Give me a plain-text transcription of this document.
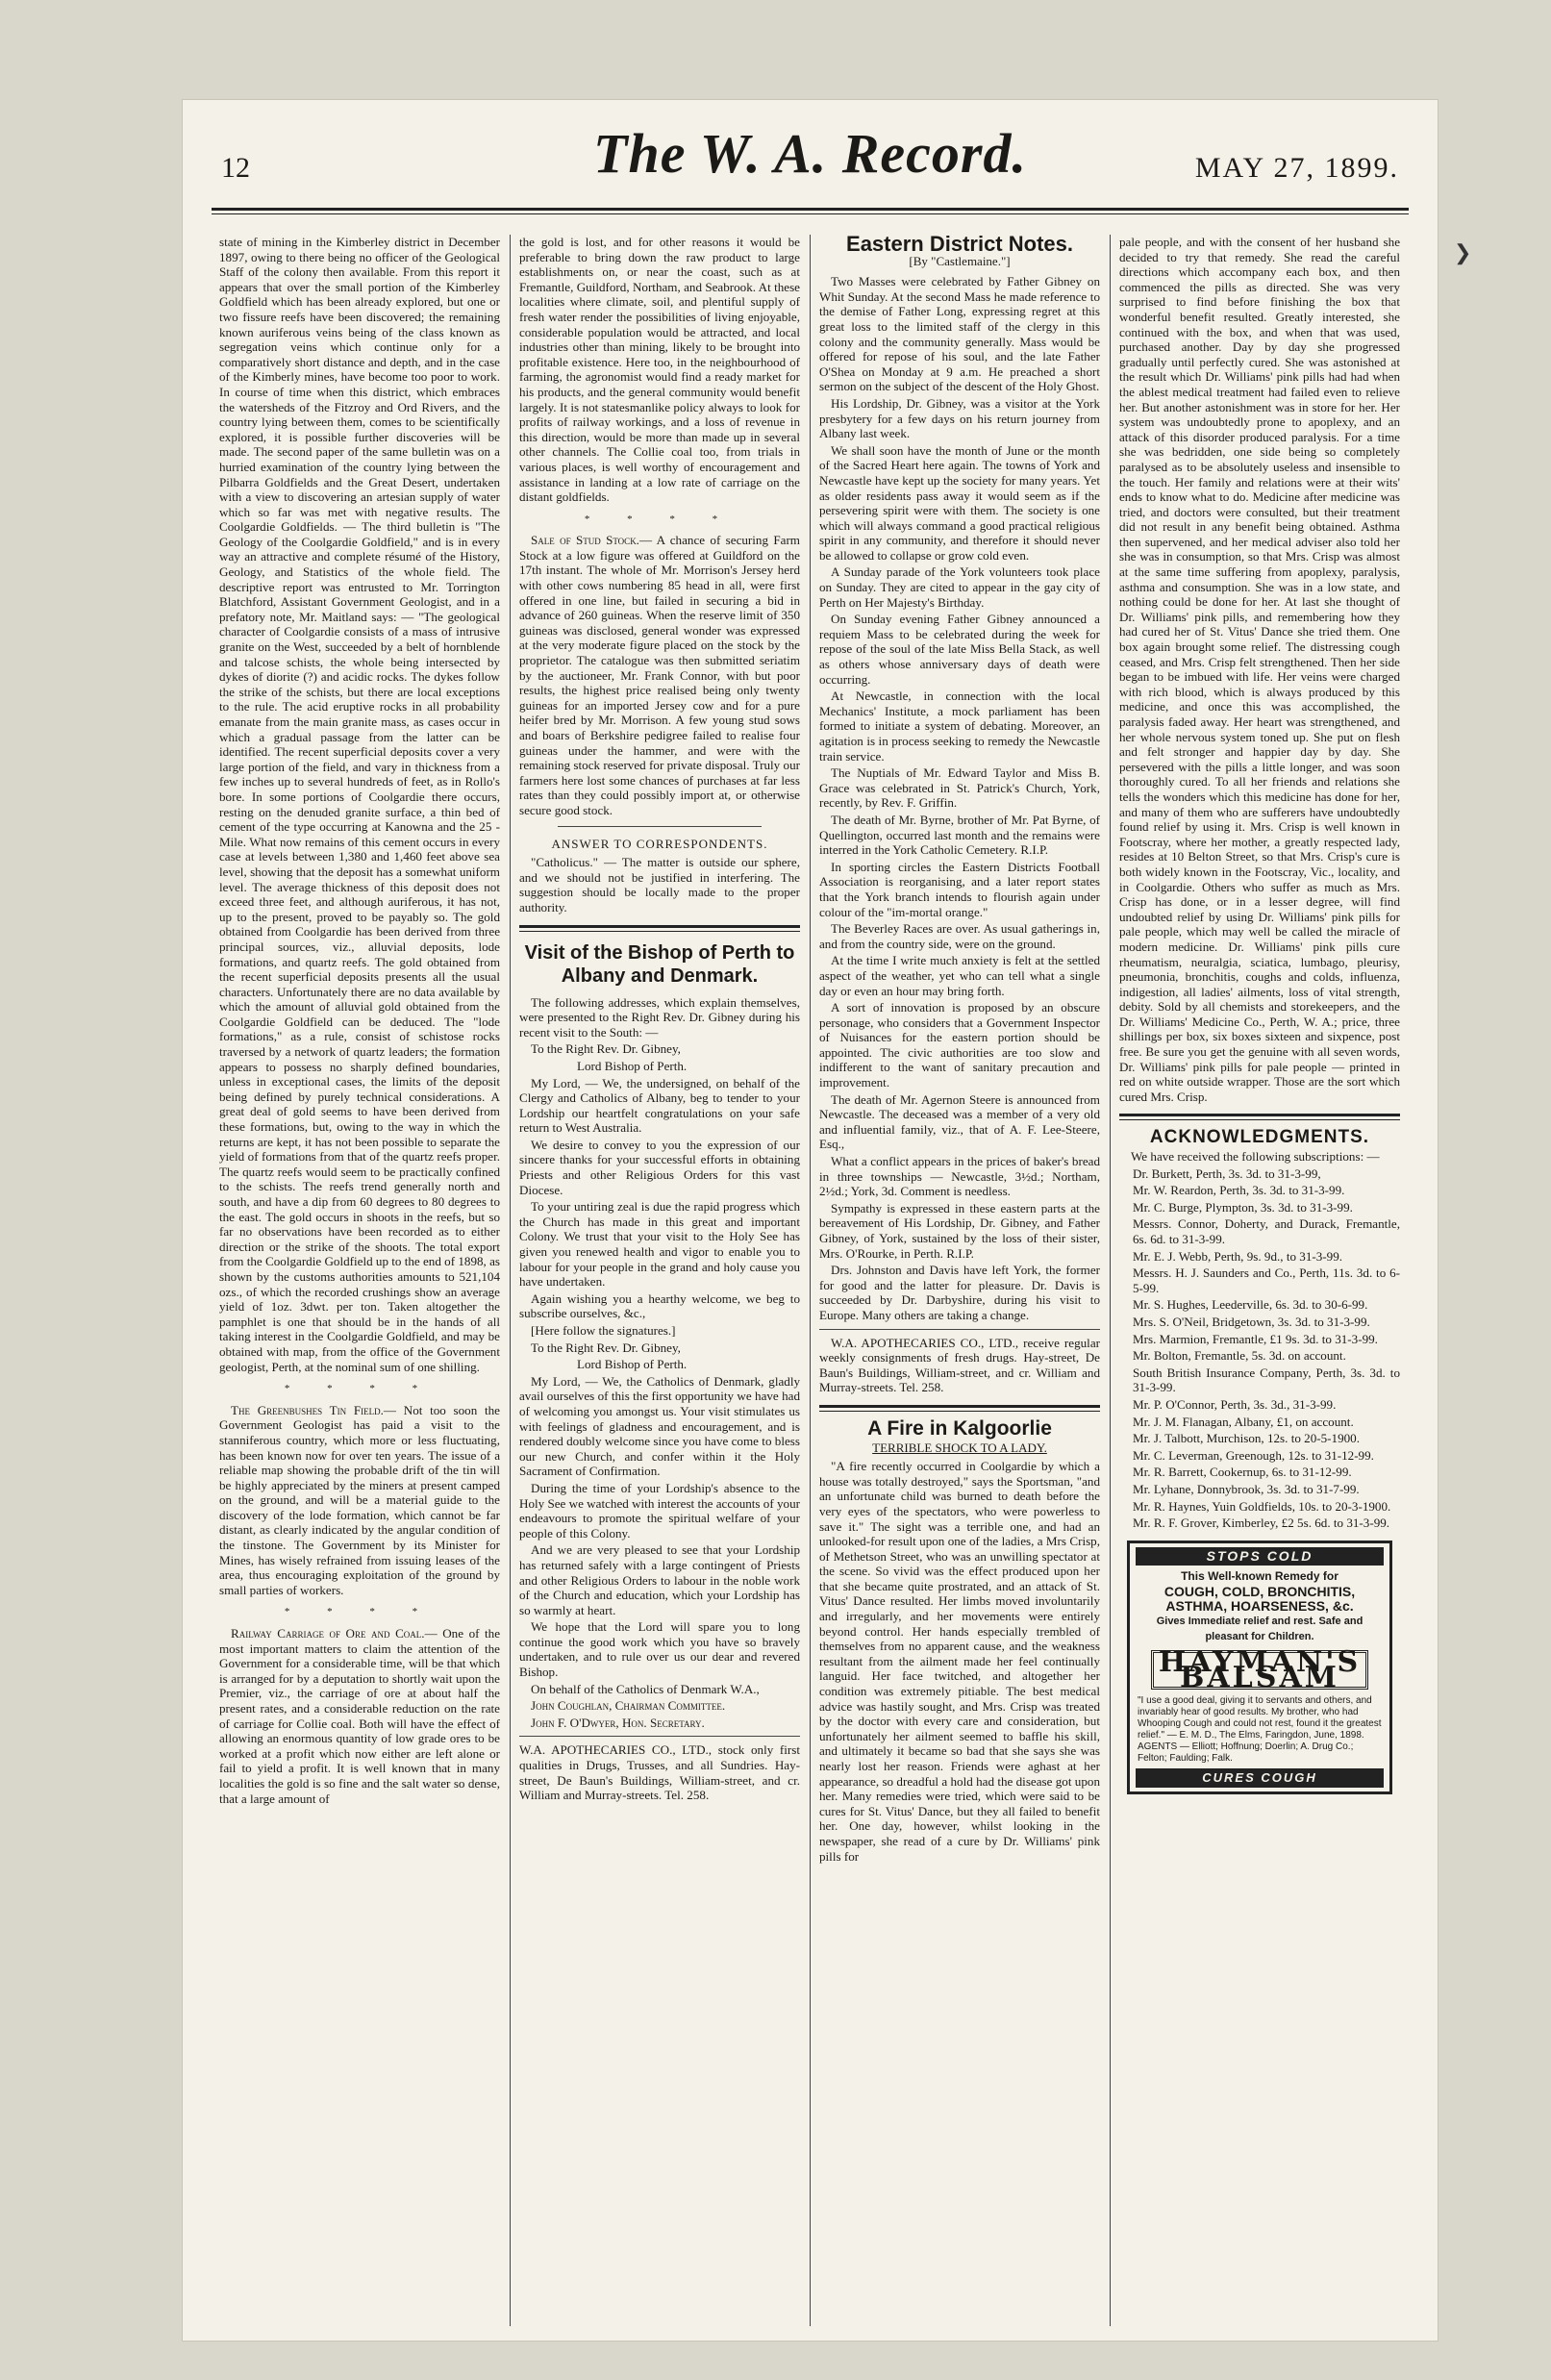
12	The W. A. Record.	MAY 27, 1899.

state of mining in the Kimberley district in December 1897, owing to there being no officer of the Geological Staff of the colony then available. From this report it appears that over the small portion of the Kimberley Goldfield which has been already explored, but one or two fissure reefs have been discovered; the remaining known auriferous veins being of the class known as segregation veins which continue only for a comparatively short distance and depth, and in the case of the Kimberly mines, have become too poor to work. In course of time when this district, which embraces the watersheds of the Fitzroy and Ord Rivers, and the country lying between them, comes to be scientifically explored, it is possible further discoveries will be made. The second paper of the same bulletin was on a hurried examination of the country lying between the Pilbarra Goldfields and the Great Desert, undertaken with a view to discovering an artesian supply of water which so far was met with negative results. The Coolgardie Goldfields. — The third bulletin is "The Geology of the Coolgardie Goldfield," and is in every way an attractive and complete résumé of the History, Geology, and Statistics of the whole field. The descriptive report was entrusted to Mr. Torrington Blatchford, Assistant Government Geologist, and in a prefatory note, Mr. Maitland says: — "The geological character of Coolgardie consists of a mass of intrusive granite on the West, succeeded by a belt of hornblende and talcose schists, the whole being intersected by dykes of diorite (?) and acidic rocks. The dykes follow the strike of the schists, but there are local exceptions to the rule. The acid eruptive rocks in all probability emanate from the main granite mass, as cases occur in which a gradual passage from the latter can be identified. The recent superficial deposits cover a very large portion of the field, and vary in thickness from a few inches up to several hundreds of feet, as in Rollo's bore. In some portions of Coolgardie there occurs, resting on the denuded granite surface, a thin bed of cement of the type occurring at Kanowna and the 25 - Mile. What now remains of this cement occurs in every case at levels between 1,380 and 1,460 feet above sea level, showing that the deposit has a somewhat uniform level. The average thickness of this deposit does not exceed three feet, and although auriferous, it has not, up to the present, proved to be payably so. The gold obtained from Coolgardie has been derived from three principal sources, viz., alluvial deposits, lode formations, and quartz reefs. The gold obtained from the recent superficial deposits presents all the usual characters. Unfortunately there are no data available by which the amount of alluvial gold obtained from the Coolgardie Goldfield can be deduced. The "lode formations," as a rule, consist of schistose rocks traversed by a network of quartz leaders; the formation appears to possess no sharply defined boundaries, unless in exceptional cases, the limits of the deposit being defined by purely technical considerations. A great deal of gold seems to have been derived from these formations, but, owing to the way in which the returns are kept, it has not been possible to separate the yield of formations from that of the quartz reefs proper. The quartz reefs would seem to be practically confined to the schists. The reefs trend generally north and south, and have a dip from 60 degrees to 80 degrees to the east. The gold occurs in shoots in the reefs, but so far no observations have been recorded as to either direction or the strike of the shoots. The total export from the Coolgardie Goldfield up to the end of 1898, as shown by the customs authorities amounts to 521,104 ozs., of which the recorded crushings show an average yield of 1oz. 3dwt. per ton. Taken altogether the pamphlet is one that should be in the hands of all taking interest in the Coolgardie Goldfield, and may be obtained with map, from the office of the Government geologist, Perth, at the nominal sum of one shilling.

* * * *

The Greenbushes Tin Field.— Not too soon the Government Geologist has paid a visit to the stanniferous country, which more or less fluctuating, has been known now for over ten years. The issue of a reliable map showing the probable drift of the tin will be highly appreciated by the miners at present camped on the ground, and will be a material guide to the discovery of the lode formation, which cannot be far distant, as clearly indicated by the angular condition of the tinstone. The Government by its Minister for Mines, has wisely refrained from issuing leases of the area, thus encouraging exploitation of the ground by small parties of workers.

* * * *

Railway Carriage of Ore and Coal.— One of the most important matters to claim the attention of the Government for a considerable time, will be that which is arranged for by a deputation to shortly wait upon the Premier, viz., the carriage of ore at about half the present rates, and a considerable reduction on the rate of carriage for Collie coal. Both will have the effect of allowing an enormous quantity of low grade ores to be worked at a profit which now either are left alone or fail to yield a profit. It is well known that in many localities the gold is so fine and the salt water so dense, that a large amount of

the gold is lost, and for other reasons it would be preferable to bring down the raw product to large establishments on, or near the coast, such as at Fremantle, Guildford, Northam, and Seabrook. At these localities where climate, soil, and plentiful supply of fresh water render the possibilities of living enjoyable, considerable population would be attracted, and local industries other than mining, likely to be brought into profitable existence. Here too, in the neighbourhood of farming, the agronomist would find a ready market for his products, and the general community would benefit largely. It is not statesmanlike policy always to look for profits of railway workings, and a loss of revenue in this direction, would be more than made up in several other channels. The Collie coal too, from trials in various places, is well worthy of encouragement and assistance in landing at a low rate of carriage on the distant goldfields.

* * * *

Sale of Stud Stock.— A chance of securing Farm Stock at a low figure was offered at Guildford on the 17th instant. The whole of Mr. Morrison's Jersey herd with other cows numbering 85 head in all, were first offered in one line, but failed in securing a bid in advance of 260 guineas. When the reserve limit of 350 guineas was disclosed, general wonder was expressed at the very moderate figure placed on the stock by the proprietor. The catalogue was then submitted seriatim by the auctioneer, Mr. Frank Connor, with but poor results, the highest price realised being only twenty guineas for an imported Jersey cow and for a pure heifer bred by Mr. Morrison. A few young stud sows and boars of Berkshire pedigree failed to realise four guineas under the hammer, and were with the remaining stock reserved for private disposal. Truly our farmers here lost some chances of purchases at far less rates than they could possibly import at, or otherwise secure good stock.

ANSWER TO CORRESPONDENTS.

"Catholicus." — The matter is outside our sphere, and we should not be justified in interfering. The suggestion should be locally made to the proper authority.

Visit of the Bishop of Perth to Albany and Denmark.

The following addresses, which explain themselves, were presented to the Right Rev. Dr. Gibney during his recent visit to the South: —

To the Right Rev. Dr. Gibney,

Lord Bishop of Perth.

My Lord, — We, the undersigned, on behalf of the Clergy and Catholics of Albany, beg to tender to your Lordship our heartfelt congratulations on your safe return to West Australia.

We desire to convey to you the expression of our sincere thanks for your successful efforts in obtaining Priests and other Religious Orders for this vast Diocese.

To your untiring zeal is due the rapid progress which the Church has made in this great and important Colony. We trust that your visit to the Holy See has given you renewed health and vigor to enable you to labour for your people in the grand and holy cause you have undertaken.

Again wishing you a hearthy welcome, we beg to subscribe ourselves, &c.,

[Here follow the signatures.]

To the Right Rev. Dr. Gibney,

Lord Bishop of Perth.

My Lord, — We, the Catholics of Denmark, gladly avail ourselves of this the first opportunity we have had of welcoming you amongst us. Your visit stimulates us with feelings of gladness and encouragement, and is rendered doubly welcome since you have come to bless our new Church, and confer within it the Holy Sacrament of Confirmation.

During the time of your Lordship's absence to the Holy See we watched with interest the accounts of your endeavours to promote the spiritual welfare of your people of this Colony.

And we are very pleased to see that your Lordship has returned safely with a large contingent of Priests and other Religious Orders to labour in the noble work of the Church and education, which your Lordship has so warmly at heart.

We hope that the Lord will spare you to long continue the good work which you have so bravely undertaken, and to rule over us our dear and revered Bishop.

On behalf of the Catholics of Denmark W.A.,

John Coughlan, Chairman Committee.

John F. O'Dwyer, Hon. Secretary.

W.A. APOTHECARIES CO., LTD., stock only first qualities in Drugs, Trusses, and all Sundries. Hay-street, De Baun's Buildings, William-street, and cr. William and Murray-streets. Tel. 258.

Eastern District Notes.
[By "Castlemaine."]

Two Masses were celebrated by Father Gibney on Whit Sunday. At the second Mass he made reference to the demise of Father Long, expressing regret at this great loss to the limited staff of the clergy in this colony and the community generally. Mass would be offered for repose of his soul, and the late Father O'Shea on Monday at 9 a.m. He preached a short sermon on the subject of the descent of the Holy Ghost.

His Lordship, Dr. Gibney, was a visitor at the York presbytery for a few days on his return journey from Albany last week.

We shall soon have the month of June or the month of the Sacred Heart here again. The towns of York and Newcastle have kept up the society for many years. Yet as older residents pass away it would seem as if the persevering spirit were with them. The society is one which will always command a good practical religious spirit in any community, and therefore it should never be allowed to collapse or grow cold even.

A Sunday parade of the York volunteers took place on Sunday. They are cited to appear in the gay city of Perth on Her Majesty's Birthday.

On Sunday evening Father Gibney announced a requiem Mass to be celebrated during the week for repose of the soul of the late Miss Bella Stack, as well as others whose anniversary days of death were occurring.

At Newcastle, in connection with the local Mechanics' Institute, a mock parliament has been formed to initiate a system of debating. Moreover, an agitation is in process seeking to remedy the Newcastle train service.

The Nuptials of Mr. Edward Taylor and Miss B. Grace was celebrated in St. Patrick's Church, York, recently, by Rev. F. Griffin.

The death of Mr. Byrne, brother of Mr. Pat Byrne, of Quellington, occurred last month and the remains were interred in the York Catholic Cemetery. R.I.P.

In sporting circles the Eastern Districts Football Association is reorganising, and a later report states that the York branch intends to flourish again under colour of the "im-mortal orange."

The Beverley Races are over. As usual gatherings in, and from the country side, were on the ground.

At the time I write much anxiety is felt at the settled aspect of the weather, yet who can tell what a single day or even an hour may bring forth.

A sort of innovation is proposed by an obscure personage, who considers that a Government Inspector of Nuisances for the eastern portion should be appointed. The civic authorities are too slow and indifferent to the want of sanitary precaution and improvement.

The death of Mr. Agernon Steere is announced from Newcastle. The deceased was a member of a very old and influential family, viz., that of A. F. Lee-Steere, Esq.,

What a conflict appears in the prices of baker's bread in three townships — Newcastle, 3½d.; Northam, 2½d.; York, 3d. Comment is needless.

Sympathy is expressed in these eastern parts at the bereavement of His Lordship, Dr. Gibney, and Father Gibney, of York, sustained by the loss of their sister, Mrs. O'Rourke, in Perth. R.I.P.

Drs. Johnston and Davis have left York, the former for good and the latter for pleasure. Dr. Davis is succeeded by Dr. Darbyshire, during his visit to Europe. Many others are taking a change.

W.A. APOTHECARIES CO., LTD., receive regular weekly consignments of fresh drugs. Hay-street, De Baun's Buildings, William-street, and cr. William and Murray-streets. Tel. 258.

A Fire in Kalgoorlie
TERRIBLE SHOCK TO A LADY.

"A fire recently occurred in Coolgardie by which a house was totally destroyed," says the Sportsman, "and an unfortunate child was burned to death before the very eyes of the spectators, who were powerless to save it." The sight was a terrible one, and had an unlooked-for result upon one of the ladies, a Mrs Crisp, of Methetson Street, who was an unwilling spectator at the scene. So vivid was the effect produced upon her that she became quite prostrated, and an attack of St. Vitus' Dance resulted. Her limbs moved involuntarily and irregularly, and her movements were entirely beyond control. Her hands especially trembled of themselves from no apparent cause, and the weakness resultant from the ailment made her feel continually languid. Her face twitched, and altogether her condition was extremely pitiable. The best medical advice was hastily sought, and Mrs. Crisp was treated by the doctor with every care and consideration, but unfortunately her ailment seemed to baffle his skill, and ultimately it became so bad that she says she was nearly lost her reason. Friends were aghast at her appearance, so dreadful a hold had the disease got upon her. Many remedies were tried, which were said to be cures for St. Vitus' Dance, but they all failed to benefit her. One day, however, whilst looking in the newspaper, she read of a cure by Dr. Williams' pink pills for

pale people, and with the consent of her husband she decided to try that remedy. She read the careful directions which accompany each box, and then commenced the pills as directed. She was very surprised to find before finishing the box that wonderful benefit resulted. Greatly interested, she continued with the box, and when that was used, purchased another. Day by day she progressed gradually until perfectly cured. She was astonished at the result which Dr. Williams' pink pills had had when the ablest medical treatment had failed even to relieve her. But another astonishment was in store for her. Her system was undoubtedly prone to apoplexy, and an attack of this disorder produced paralysis. For a time she was bedridden, one side being so completely paralysed as to be absolutely useless and insensible to the touch. Her family and relations were at their wits' ends to know what to do. Medicine after medicine was tried, and doctors were consulted, but their treatment did not result in any benefit being obtained. Asthma then supervened, and her medical adviser also told her she was in consumption, so that Mrs. Crisp was almost at the same time suffering from apoplexy, paralysis, asthma and consumption. She was in a low state, and nothing could be done for her. At last she thought of Dr. Williams' pink pills, and remembering how they had cured her of St. Vitus' Dance she tried them. One box again brought some relief. The distressing cough ceased, and Mrs. Crisp felt strengthened. Then her side began to be imbued with life. Her veins were charged with rich blood, which is always produced by this medicine, and once this was accomplished, the paralysis faded away. Her heart was strengthened, and her whole nervous system toned up. She put on flesh and felt stronger and happier day by day. She persevered with the pills a little longer, and was soon thoroughly cured. To all her friends and relations she tells the wonders which this medicine has done for her, and many of them who are sufferers have undoubtedly found relief by using it. Mrs. Crisp is well known in Footscray, where her mother, a greatly respected lady, resides at 10 Belton Street, so that Mrs. Crisp's cure is both widely known in the Footscray, Vic., locality, and in Coolgardie. Others who suffer as much as Mrs. Crisp has done, or in a lesser degree, will find undoubted relief by using Dr. Williams' pink pills for pale people, which may well be called the miracle of modern medicine. Dr. Williams' pink pills cure rheumatism, neuralgia, sciatica, lumbago, pleurisy, pneumonia, bronchitis, coughs and colds, influenza, indigestion, all ladies' ailments, loss of vital strength, debity. Sold by all chemists and storekeepers, and the Dr. Williams' Medicine Co., Perth, W. A.; price, three shillings per box, six boxes sixteen and sixpence, post free. Be sure you get the genuine with all seven words, Dr. Williams' pink pills for pale people — printed in red on white outside wrapper. Those are the sort which cured Mrs. Crisp.

ACKNOWLEDGMENTS.

We have received the following subscriptions: —

Dr. Burkett, Perth, 3s. 3d. to 31-3-99,

Mr. W. Reardon, Perth, 3s. 3d. to 31-3-99.

Mr. C. Burge, Plympton, 3s. 3d. to 31-3-99.

Messrs. Connor, Doherty, and Durack, Fremantle, 6s. 6d. to 31-3-99.

Mr. E. J. Webb, Perth, 9s. 9d., to 31-3-99.

Messrs. H. J. Saunders and Co., Perth, 11s. 3d. to 6-5-99.

Mr. S. Hughes, Leederville, 6s. 3d. to 30-6-99.

Mrs. S. O'Neil, Bridgetown, 3s. 3d. to 31-3-99.

Mrs. Marmion, Fremantle, £1 9s. 3d. to 31-3-99.

Mr. Bolton, Fremantle, 5s. 3d. on account.

South British Insurance Company, Perth, 3s. 3d. to 31-3-99.

Mr. P. O'Connor, Perth, 3s. 3d., 31-3-99.

Mr. J. M. Flanagan, Albany, £1, on account.

Mr. J. Talbott, Murchison, 12s. to 20-5-1900.

Mr. C. Leverman, Greenough, 12s. to 31-12-99.

Mr. R. Barrett, Cookernup, 6s. to 31-12-99.

Mr. Lyhane, Donnybrook, 3s. 3d. to 31-7-99.

Mr. R. Haynes, Yuin Goldfields, 10s. to 20-3-1900.

Mr. R. F. Grover, Kimberley, £2 5s. 6d. to 31-3-99.

STOPS COLD
This Well-known Remedy for
COUGH, COLD, BRONCHITIS, ASTHMA, HOARSENESS, &c.
Gives Immediate relief and rest. Safe and pleasant for Children.
HAYMAN'S BALSAM
"I use a good deal, giving it to servants and others, and invariably hear of good results. My brother, who had Whooping Cough and could not rest, found it the greatest relief." — E. M. D., The Elms, Faringdon, June, 1898. AGENTS — Elliott; Hoffnung; Doerlin; A. Drug Co.; Felton; Faulding; Falk.
CURES COUGH
❯
